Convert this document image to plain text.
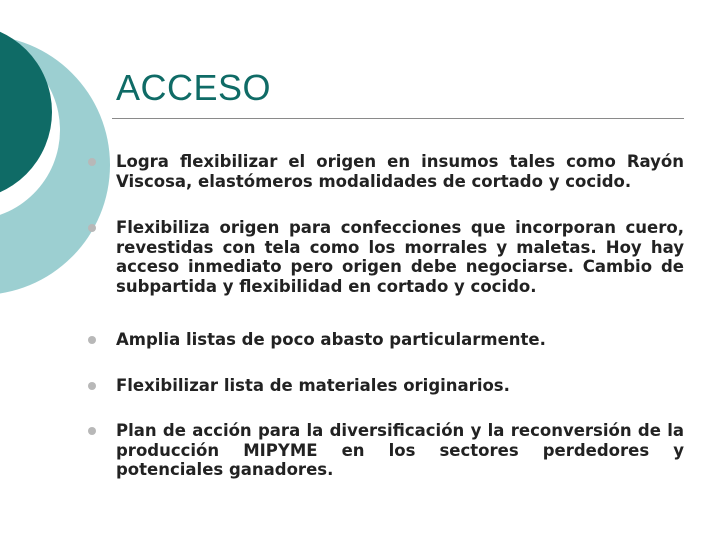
ACCESO
Logra flexibilizar el origen en insumos tales como Rayón Viscosa, elastómeros modalidades de cortado y cocido.
Flexibiliza origen para confecciones que incorporan cuero, revestidas con tela como los morrales y maletas. Hoy hay acceso inmediato pero origen debe negociarse. Cambio de subpartida y flexibilidad en cortado y cocido.
Amplia listas de poco abasto particularmente.
Flexibilizar lista de materiales originarios.
Plan de acción para la diversificación y la reconversión de la producción MIPYME en los sectores perdedores y potenciales ganadores.
